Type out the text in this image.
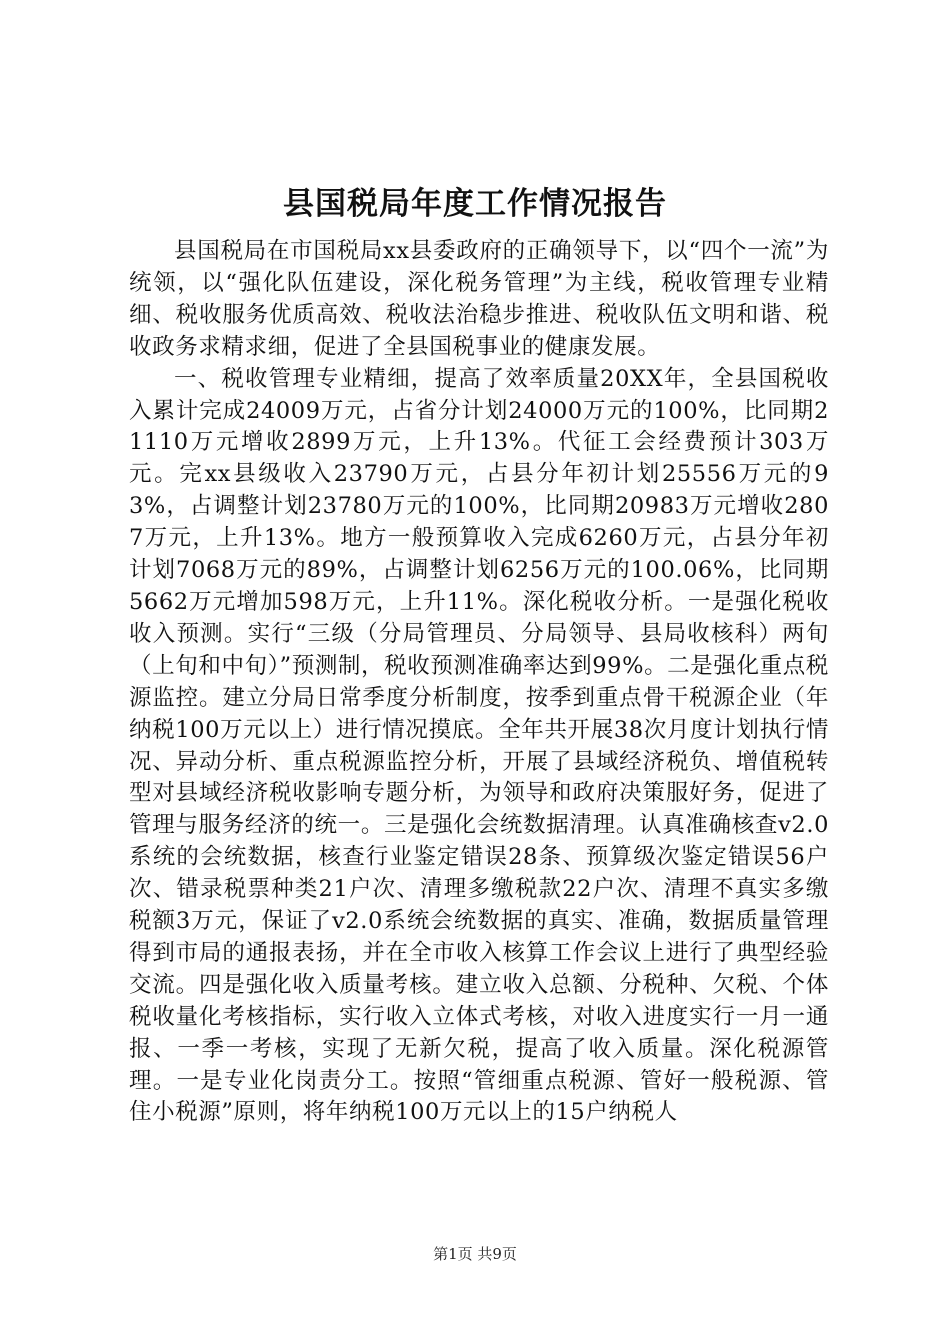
县国税局年度工作情况报告

县国税局在市国税局xx县委政府的正确领导下，以“四个一流”为统领，以“强化队伍建设，深化税务管理”为主线，税收管理专业精细、税收服务优质高效、税收法治稳步推进、税收队伍文明和谐、税收政务求精求细，促进了全县国税事业的健康发展。

一、税收管理专业精细，提高了效率质量20XX年，全县国税收入累计完成24009万元，占省分计划24000万元的100%，比同期21110万元增收2899万元，上升13%。代征工会经费预计303万元。完xx县级收入23790万元，占县分年初计划25556万元的93%，占调整计划23780万元的100%，比同期20983万元增收2807万元，上升13%。地方一般预算收入完成6260万元，占县分年初计划7068万元的89%，占调整计划6256万元的100.06%，比同期5662万元增加598万元，上升11%。深化税收分析。一是强化税收收入预测。实行“三级（分局管理员、分局领导、县局收核科）两旬（上旬和中旬）”预测制，税收预测准确率达到99%。二是强化重点税源监控。建立分局日常季度分析制度，按季到重点骨干税源企业（年纳税100万元以上）进行情况摸底。全年共开展38次月度计划执行情况、异动分析、重点税源监控分析，开展了县域经济税负、增值税转型对县域经济税收影响专题分析，为领导和政府决策服好务，促进了管理与服务经济的统一。三是强化会统数据清理。认真准确核查v2.0系统的会统数据，核查行业鉴定错误28条、预算级次鉴定错误56户次、错录税票种类21户次、清理多缴税款22户次、清理不真实多缴税额3万元，保证了v2.0系统会统数据的真实、准确，数据质量管理得到市局的通报表扬，并在全市收入核算工作会议上进行了典型经验交流。四是强化收入质量考核。建立收入总额、分税种、欠税、个体税收量化考核指标，实行收入立体式考核，对收入进度实行一月一通报、一季一考核，实现了无新欠税，提高了收入质量。深化税源管理。一是专业化岗责分工。按照“管细重点税源、管好一般税源、管住小税源”原则，将年纳税100万元以上的15户纳税人

第1页 共9页
